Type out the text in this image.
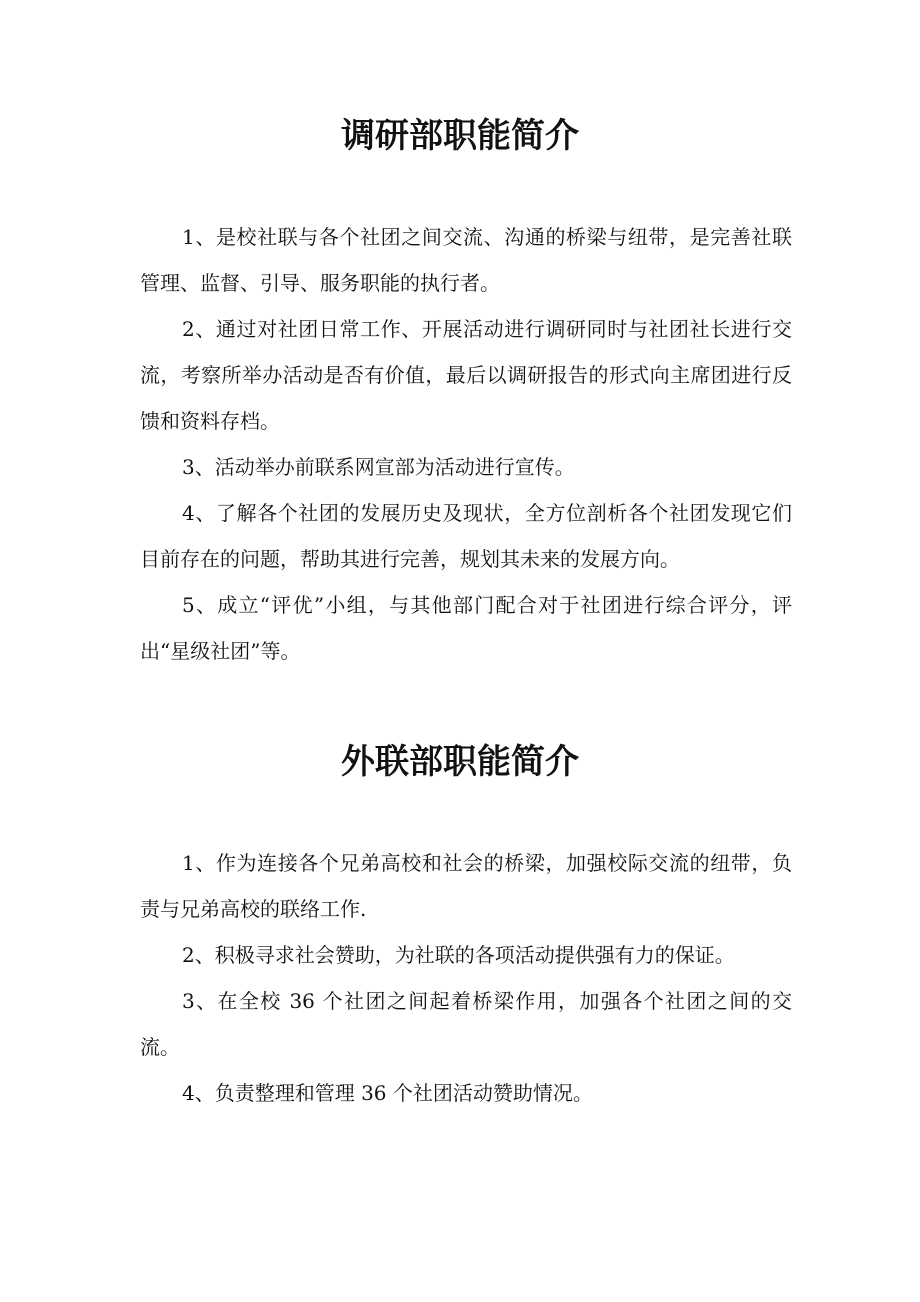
调研部职能简介

1、是校社联与各个社团之间交流、沟通的桥梁与纽带，是完善社联管理、监督、引导、服务职能的执行者。

2、通过对社团日常工作、开展活动进行调研同时与社团社长进行交流，考察所举办活动是否有价值，最后以调研报告的形式向主席团进行反馈和资料存档。

3、活动举办前联系网宣部为活动进行宣传。

4、了解各个社团的发展历史及现状，全方位剖析各个社团发现它们目前存在的问题，帮助其进行完善，规划其未来的发展方向。

5、成立“评优”小组，与其他部门配合对于社团进行综合评分，评出“星级社团”等。

外联部职能简介

1、作为连接各个兄弟高校和社会的桥梁，加强校际交流的纽带，负责与兄弟高校的联络工作.

2、积极寻求社会赞助，为社联的各项活动提供强有力的保证。

3、在全校 36 个社团之间起着桥梁作用，加强各个社团之间的交流。

4、负责整理和管理 36 个社团活动赞助情况。
